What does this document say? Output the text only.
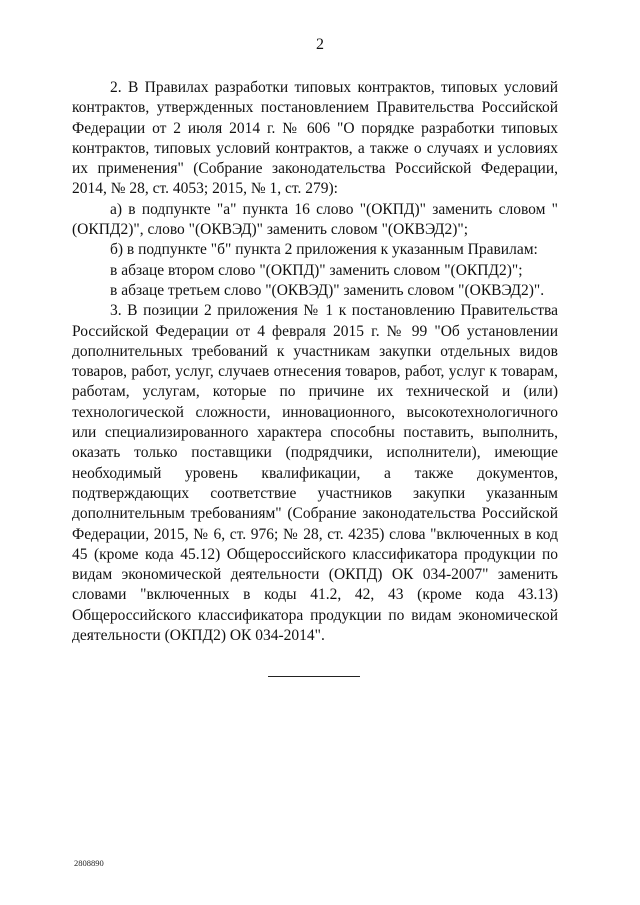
2

2. В Правилах разработки типовых контрактов, типовых условий контрактов, утвержденных постановлением Правительства Российской Федерации от 2 июля 2014 г. № 606 "О порядке разработки типовых контрактов, типовых условий контрактов, а также о случаях и условиях их применения" (Собрание законодательства Российской Федерации, 2014, № 28, ст. 4053; 2015, № 1, ст. 279):

а) в подпункте "а" пункта 16 слово "(ОКПД)" заменить словом "(ОКПД2)", слово "(ОКВЭД)" заменить словом "(ОКВЭД2)";

б) в подпункте "б" пункта 2 приложения к указанным Правилам:

в абзаце втором слово "(ОКПД)" заменить словом "(ОКПД2)";

в абзаце третьем слово "(ОКВЭД)" заменить словом "(ОКВЭД2)".

3. В позиции 2 приложения № 1 к постановлению Правительства Российской Федерации от 4 февраля 2015 г. № 99 "Об установлении дополнительных требований к участникам закупки отдельных видов товаров, работ, услуг, случаев отнесения товаров, работ, услуг к товарам, работам, услугам, которые по причине их технической и (или) технологической сложности, инновационного, высокотехнологичного или специализированного характера способны поставить, выполнить, оказать только поставщики (подрядчики, исполнители), имеющие необходимый уровень квалификации, а также документов, подтверждающих соответствие участников закупки указанным дополнительным требованиям" (Собрание законодательства Российской Федерации, 2015, № 6, ст. 976; № 28, ст. 4235) слова "включенных в код 45 (кроме кода 45.12) Общероссийского классификатора продукции по видам экономической деятельности (ОКПД) ОК 034-2007" заменить словами "включенных в коды 41.2, 42, 43 (кроме кода 43.13) Общероссийского классификатора продукции по видам экономической деятельности (ОКПД2) ОК 034-2014".

2808890
